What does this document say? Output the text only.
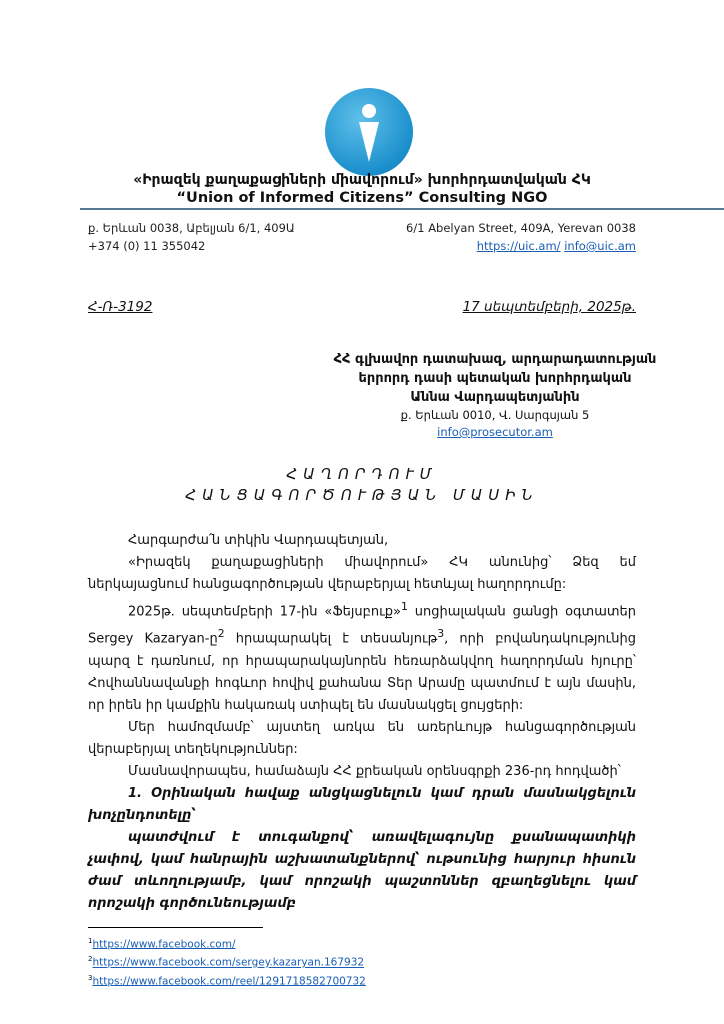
«Իրազեկ քաղաքացիների միավորում» խորհրդատվական ՀԿ
“Union of Informed Citizens” Consulting NGO
ք. Երևան 0038, Աբելյան 6/1, 409Ա
+374 (0) 11 355042
6/1 Abelyan Street, 409A, Yerevan 0038
https://uic.am/ info@uic.am
Հ-Ռ-3192	17 սեպտեմբերի, 2025թ.
ՀՀ գլխավոր դատախազ, արդարադատության
երրորդ դասի պետական խորհրդական
Աննա Վարդապետյանին
ք. Երևան 0010, Վ. Սարգսյան 5
info@prosecutor.am
ՀԱՂՈՐԴՈՒՄ
ՀԱՆՑԱԳՈՐԾՈՒԹՅԱՆ ՄԱՍԻՆ

Հարգարժա՛ն տիկին Վարդապետյան,

«Իրազեկ քաղաքացիների միավորում» ՀԿ անունից՝ Ձեզ եմ ներկայացնում հանցագործության վերաբերյալ հետևյալ հաղորդումը:

2025թ. սեպտեմբերի 17-ին «Ֆեյսբուք»$^1$ սոցիալական ցանցի օգտատեր Sergey Kazaryan-ը$^2$ հրապարակել է տեսանյութ$^3$, որի բովանդակությունից պարզ է դառնում, որ հրապարակայնորեն հեռարձակվող հաղորդման հյուրը՝ Հովհաննավանքի հոգևոր հովիվ քահանա Տեր Արամը պատմում է այն մասին, որ իրեն իր կամքին հակառակ ստիպել են մասնակցել ցույցերի:

Մեր համոզմամբ՝ այստեղ առկա են առերևույթ հանցագործության վերաբերյալ տեղեկություններ:

Մասնավորապես, համաձայն ՀՀ քրեական օրենսգրքի 236-րդ հոդվածի՝

1. Օրինական հավաք անցկացնելուն կամ դրան մասնակցելուն խոչընդոտելը՝

պատժվում է տուգանքով՝ առավելագույնը քսանապատիկի չափով, կամ հանրային աշխատանքներով՝ ութսունից հարյուր հիսուն ժամ տևողությամբ, կամ որոշակի պաշտոններ զբաղեցնելու կամ որոշակի գործունեությամբ

$^1$https://www.facebook.com/
$^2$https://www.facebook.com/sergey.kazaryan.167932
$^3$https://www.facebook.com/reel/1291718582700732
